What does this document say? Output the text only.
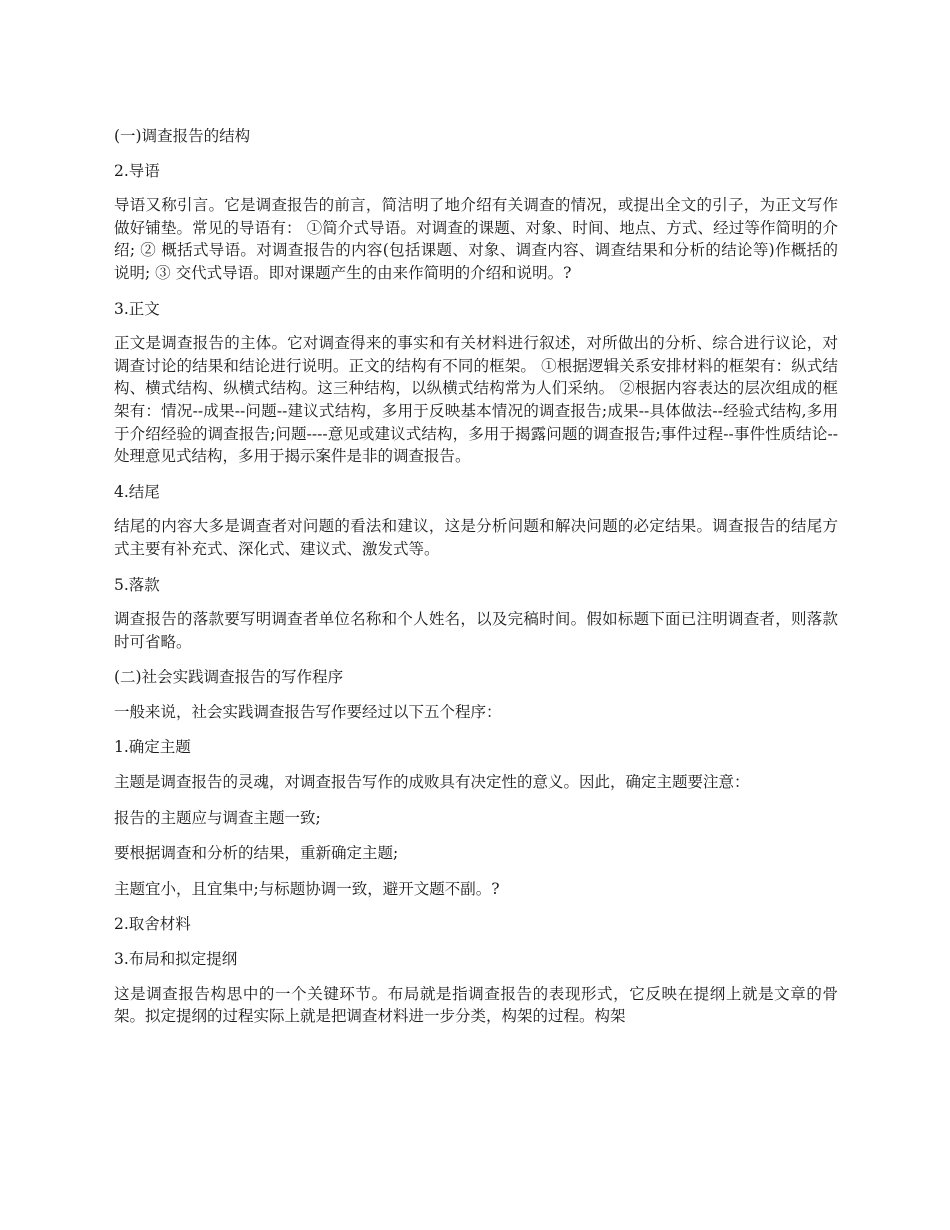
(一)调查报告的结构

2.导语

导语又称引言。它是调查报告的前言，简洁明了地介绍有关调查的情况，或提出全文的引子，为正文写作做好铺垫。常见的导语有： ①简介式导语。对调查的课题、对象、时间、地点、方式、经过等作简明的介绍; ② 概括式导语。对调查报告的内容(包括课题、对象、调查内容、调查结果和分析的结论等)作概括的说明; ③ 交代式导语。即对课题产生的由来作简明的介绍和说明。?

3.正文

正文是调查报告的主体。它对调查得来的事实和有关材料进行叙述，对所做出的分析、综合进行议论，对调查讨论的结果和结论进行说明。正文的结构有不同的框架。 ①根据逻辑关系安排材料的框架有：纵式结构、横式结构、纵横式结构。这三种结构，以纵横式结构常为人们采纳。 ②根据内容表达的层次组成的框架有：情况--成果--问题--建议式结构，多用于反映基本情况的调查报告;成果--具体做法--经验式结构,多用于介绍经验的调查报告;问题----意见或建议式结构，多用于揭露问题的调查报告;事件过程--事件性质结论--处理意见式结构，多用于揭示案件是非的调查报告。

4.结尾

结尾的内容大多是调查者对问题的看法和建议，这是分析问题和解决问题的必定结果。调查报告的结尾方式主要有补充式、深化式、建议式、激发式等。

5.落款

调查报告的落款要写明调查者单位名称和个人姓名，以及完稿时间。假如标题下面已注明调查者，则落款时可省略。

(二)社会实践调查报告的写作程序

一般来说，社会实践调查报告写作要经过以下五个程序：

1.确定主题

主题是调查报告的灵魂，对调查报告写作的成败具有决定性的意义。因此，确定主题要注意：

报告的主题应与调查主题一致;

要根据调查和分析的结果，重新确定主题;

主题宜小，且宜集中;与标题协调一致，避开文题不副。?

2.取舍材料

3.布局和拟定提纲

这是调查报告构思中的一个关键环节。布局就是指调查报告的表现形式，它反映在提纲上就是文章的骨架。拟定提纲的过程实际上就是把调查材料进一步分类，构架的过程。构架
